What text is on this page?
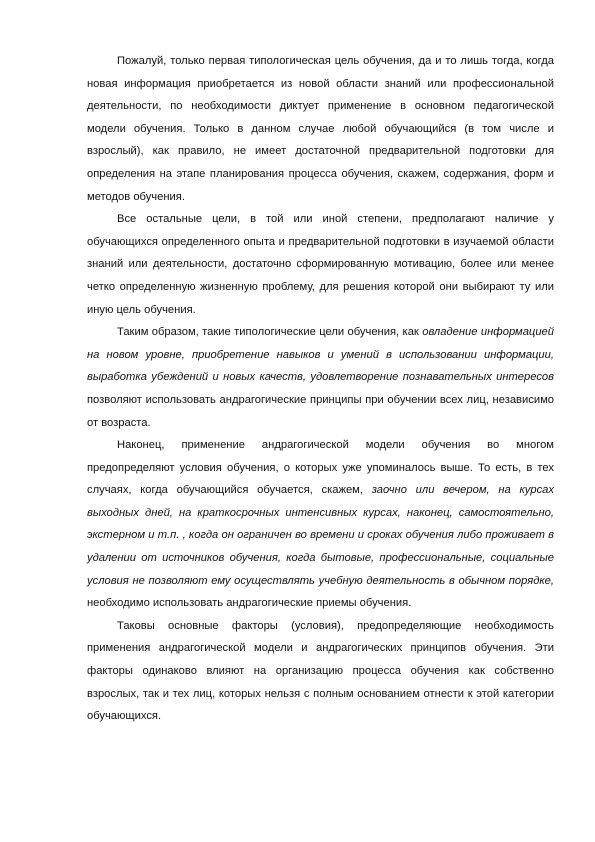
Пожалуй, только первая типологическая цель обучения, да и то лишь тогда, когда новая информация приобретается из новой области знаний или профессиональной деятельности, по необходимости диктует применение в основном педагогической модели обучения. Только в данном случае любой обучающийся (в том числе и взрослый), как правило, не имеет достаточной предварительной подготовки для определения на этапе планирования процесса обучения, скажем, содержания, форм и методов обучения.

Все остальные цели, в той или иной степени, предполагают наличие у обучающихся определенного опыта и предварительной подготовки в изучаемой области знаний или деятельности, достаточно сформированную мотивацию, более или менее четко определенную жизненную проблему, для решения которой они выбирают ту или иную цель обучения.

Таким образом, такие типологические цели обучения, как овладение информацией на новом уровне, приобретение навыков и умений в использовании информации, выработка убеждений и новых качеств, удовлетворение познавательных интересов позволяют использовать андрагогические принципы при обучении всех лиц, независимо от возраста.

Наконец, применение андрагогической модели обучения во многом предопределяют условия обучения, о которых уже упоминалось выше. То есть, в тех случаях, когда обучающийся обучается, скажем, заочно или вечером, на курсах выходных дней, на краткосрочных интенсивных курсах, наконец, самостоятельно, экстерном и т.п. , когда он ограничен во времени и сроках обучения либо проживает в удалении от источников обучения, когда бытовые, профессиональные, социальные условия не позволяют ему осуществлять учебную деятельность в обычном порядке, необходимо использовать андрагогические приемы обучения.

Таковы основные факторы (условия), предопределяющие необходимость применения андрагогической модели и андрагогических принципов обучения. Эти факторы одинаково влияют на организацию процесса обучения как собственно взрослых, так и тех лиц, которых нельзя с полным основанием отнести к этой категории обучающихся.
